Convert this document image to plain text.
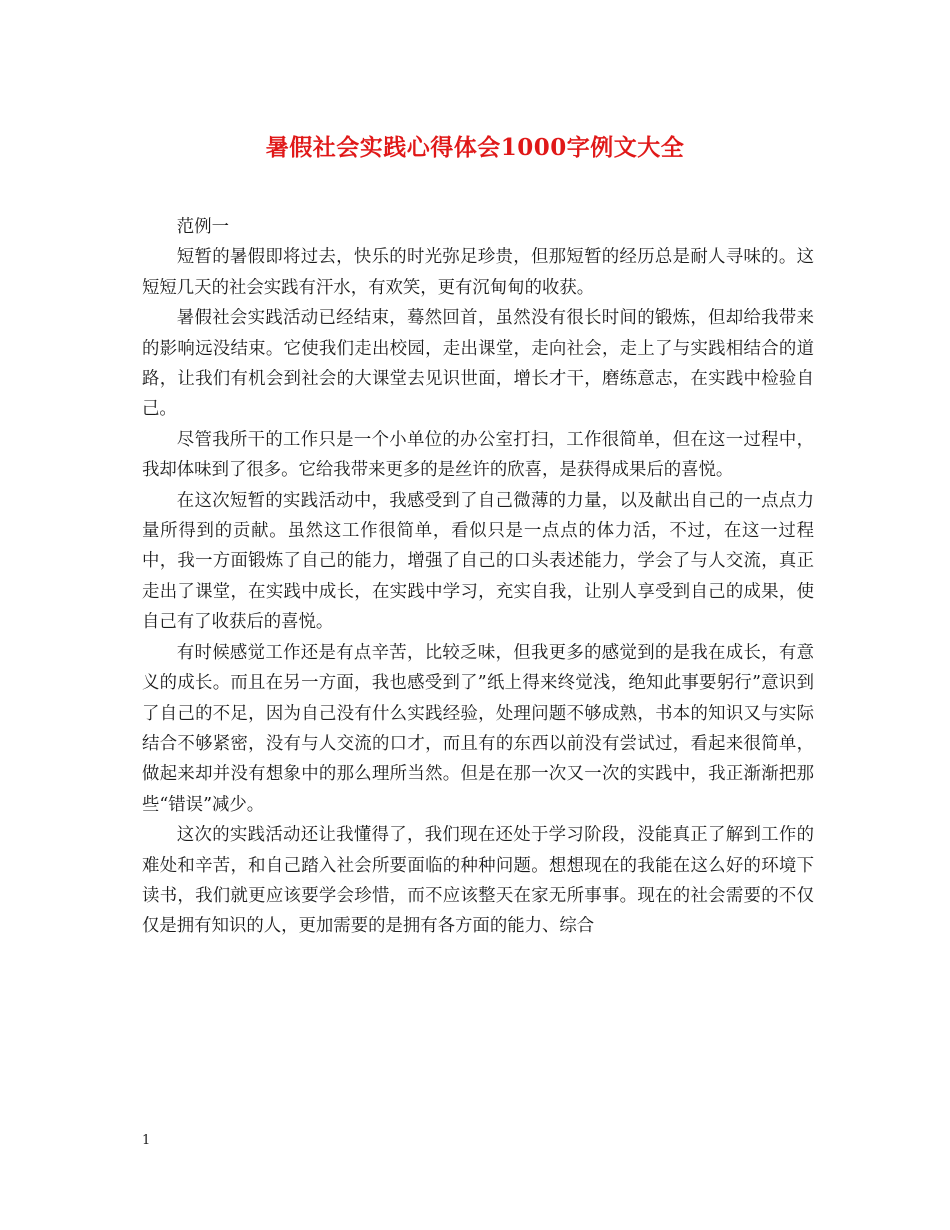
暑假社会实践心得体会1000字例文大全

范例一

短暂的暑假即将过去，快乐的时光弥足珍贵，但那短暂的经历总是耐人寻味的。这短短几天的社会实践有汗水，有欢笑，更有沉甸甸的收获。

暑假社会实践活动已经结束，蓦然回首，虽然没有很长时间的锻炼，但却给我带来的影响远没结束。它使我们走出校园，走出课堂，走向社会，走上了与实践相结合的道路，让我们有机会到社会的大课堂去见识世面，增长才干，磨练意志，在实践中检验自己。

尽管我所干的工作只是一个小单位的办公室打扫，工作很简单，但在这一过程中，我却体味到了很多。它给我带来更多的是丝许的欣喜，是获得成果后的喜悦。

在这次短暂的实践活动中，我感受到了自己微薄的力量，以及献出自己的一点点力量所得到的贡献。虽然这工作很简单，看似只是一点点的体力活，不过，在这一过程中，我一方面锻炼了自己的能力，增强了自己的口头表述能力，学会了与人交流，真正走出了课堂，在实践中成长，在实践中学习，充实自我，让别人享受到自己的成果，使自己有了收获后的喜悦。

有时候感觉工作还是有点辛苦，比较乏味，但我更多的感觉到的是我在成长，有意义的成长。而且在另一方面，我也感受到了”纸上得来终觉浅，绝知此事要躬行”意识到了自己的不足，因为自己没有什么实践经验，处理问题不够成熟，书本的知识又与实际结合不够紧密，没有与人交流的口才，而且有的东西以前没有尝试过，看起来很简单，做起来却并没有想象中的那么理所当然。但是在那一次又一次的实践中，我正渐渐把那些“错误”减少。

这次的实践活动还让我懂得了，我们现在还处于学习阶段，没能真正了解到工作的难处和辛苦，和自己踏入社会所要面临的种种问题。想想现在的我能在这么好的环境下读书，我们就更应该要学会珍惜，而不应该整天在家无所事事。现在的社会需要的不仅仅是拥有知识的人，更加需要的是拥有各方面的能力、综合

1
